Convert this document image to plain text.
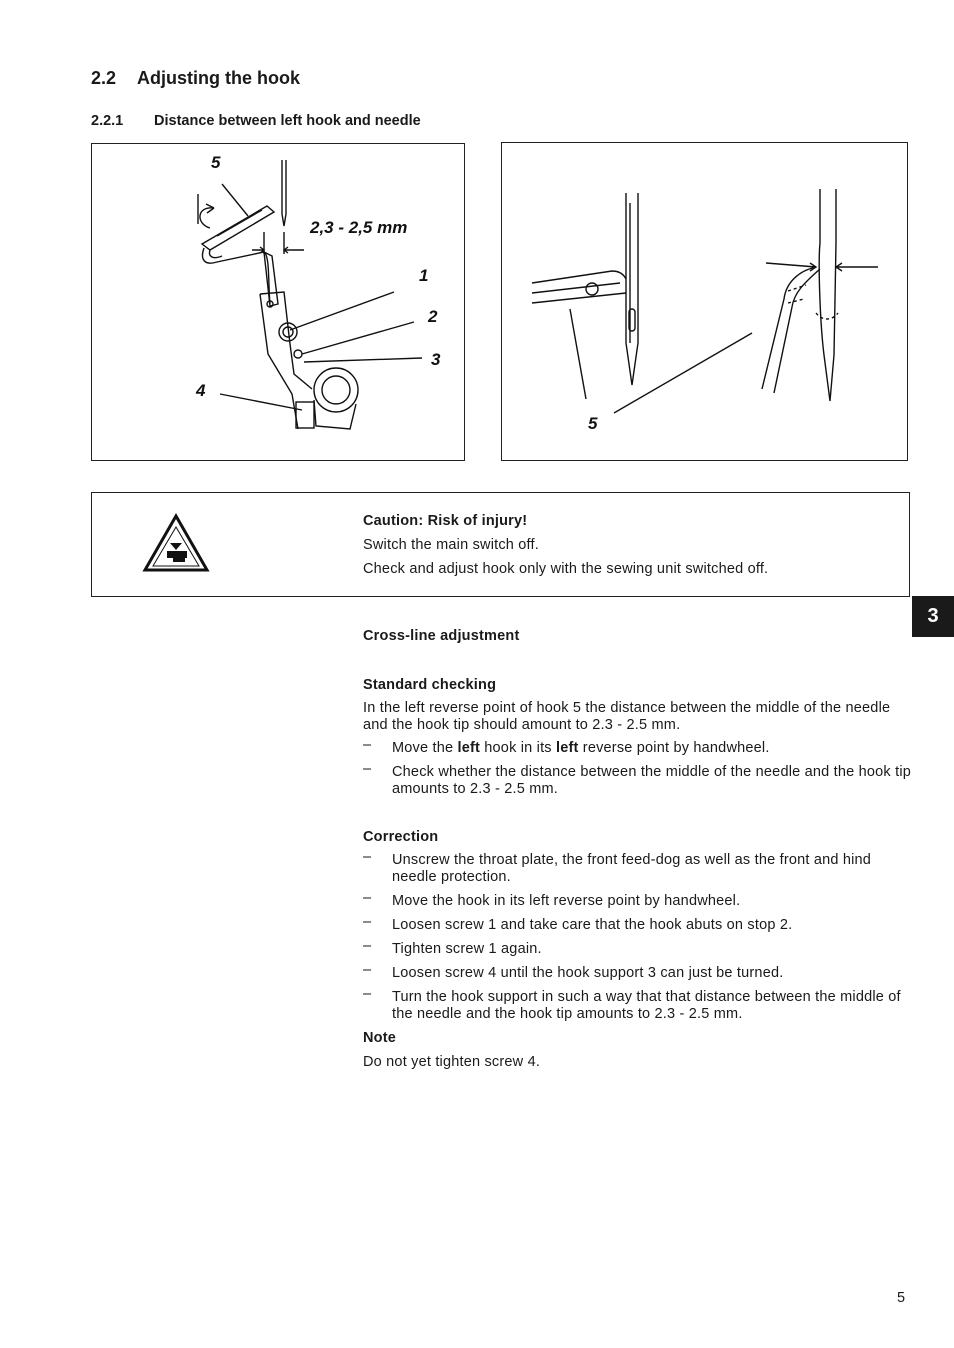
2.2 Adjusting the hook
2.2.1 Distance between left hook and needle
5
2,3 - 2,5 mm
1
2
3
4
5
Caution: Risk of injury!
Switch the main switch off.
Check and adjust hook only with the sewing unit switched off.
3

Cross-line adjustment

Standard checking

In the left reverse point of hook 5 the distance between the middle of the needle and the hook tip should amount to 2.3 - 2.5 mm.

– Move the left hook in its left reverse point by handwheel.
– Check whether the distance between the middle of the needle and the hook tip amounts to 2.3 - 2.5 mm.

Correction

– Unscrew the throat plate, the front feed-dog as well as the front and hind needle protection.
– Move the hook in its left reverse point by handwheel.
– Loosen screw 1 and take care that the hook abuts on stop 2.
– Tighten screw 1 again.
– Loosen screw 4 until the hook support 3 can just be turned.
– Turn the hook support in such a way that that distance between the middle of the needle and the hook tip amounts to 2.3 - 2.5 mm.

Note

Do not yet tighten screw 4.

5
